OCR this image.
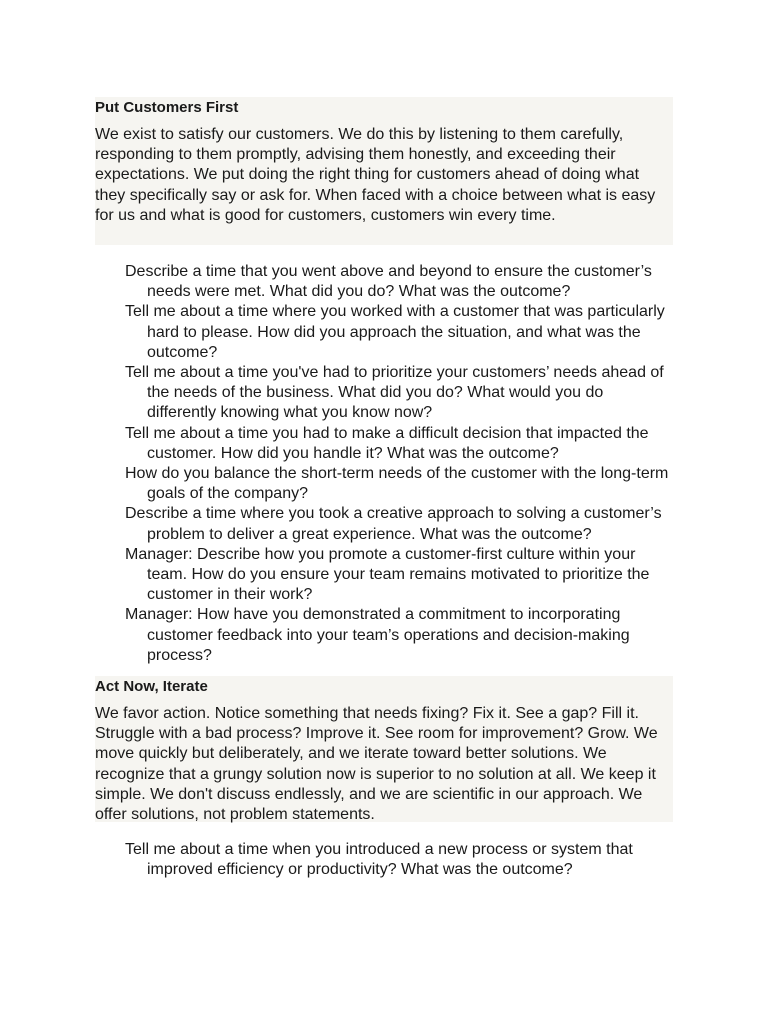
Put Customers First

We exist to satisfy our customers. We do this by listening to them carefully, responding to them promptly, advising them honestly, and exceeding their expectations. We put doing the right thing for customers ahead of doing what they specifically say or ask for. When faced with a choice between what is easy for us and what is good for customers, customers win every time.

Describe a time that you went above and beyond to ensure the customer’s needs were met. What did you do? What was the outcome?
Tell me about a time where you worked with a customer that was particularly hard to please. How did you approach the situation, and what was the outcome?
Tell me about a time you've had to prioritize your customers’ needs ahead of the needs of the business. What did you do? What would you do differently knowing what you know now?
Tell me about a time you had to make a difficult decision that impacted the customer. How did you handle it? What was the outcome?
How do you balance the short-term needs of the customer with the long-term goals of the company?
Describe a time where you took a creative approach to solving a customer’s problem to deliver a great experience. What was the outcome?
Manager: Describe how you promote a customer-first culture within your team. How do you ensure your team remains motivated to prioritize the customer in their work?
Manager: How have you demonstrated a commitment to incorporating customer feedback into your team’s operations and decision-making process?
Act Now, Iterate

We favor action. Notice something that needs fixing? Fix it. See a gap? Fill it. Struggle with a bad process? Improve it. See room for improvement? Grow. We move quickly but deliberately, and we iterate toward better solutions. We recognize that a grungy solution now is superior to no solution at all. We keep it simple. We don't discuss endlessly, and we are scientific in our approach. We offer solutions, not problem statements.

Tell me about a time when you introduced a new process or system that improved efficiency or productivity? What was the outcome?
